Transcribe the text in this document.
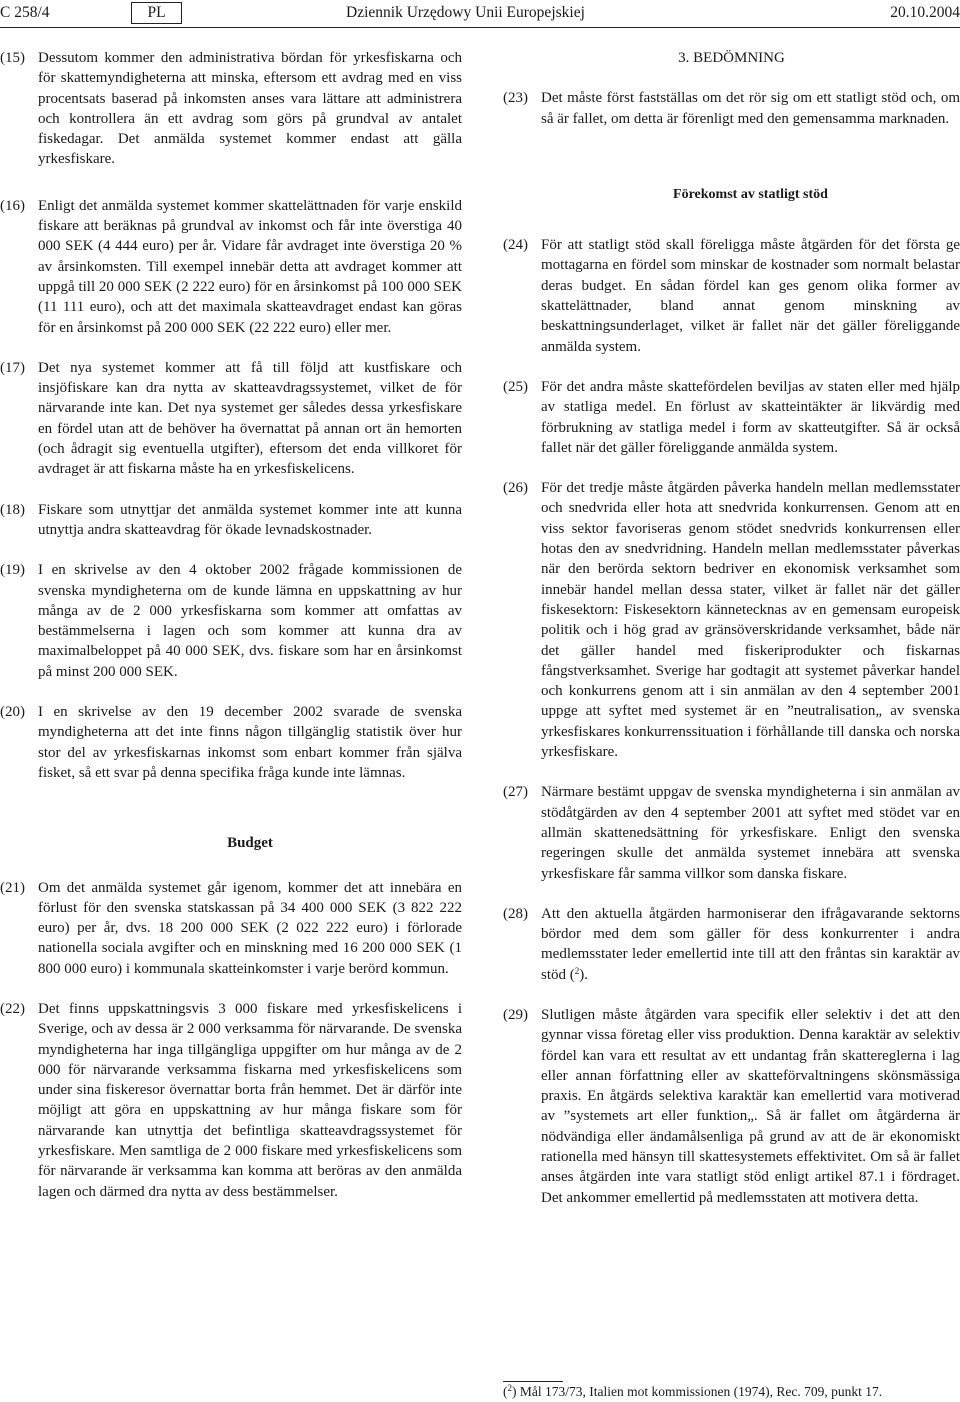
C 258/4	PL	Dziennik Urzędowy Unii Europejskiej	20.10.2004
(15) Dessutom kommer den administrativa bördan för yrkesfiskarna och för skattemyndigheterna att minska, eftersom ett avdrag med en viss procentsats baserad på inkomsten anses vara lättare att administrera och kontrollera än ett avdrag som görs på grundval av antalet fiskedagar. Det anmälda systemet kommer endast att gälla yrkesfiskare.
(16) Enligt det anmälda systemet kommer skattelättnaden för varje enskild fiskare att beräknas på grundval av inkomst och får inte överstiga 40 000 SEK (4 444 euro) per år. Vidare får avdraget inte överstiga 20 % av årsinkomsten. Till exempel innebär detta att avdraget kommer att uppgå till 20 000 SEK (2 222 euro) för en årsinkomst på 100 000 SEK (11 111 euro), och att det maximala skatteavdraget endast kan göras för en årsinkomst på 200 000 SEK (22 222 euro) eller mer.
(17) Det nya systemet kommer att få till följd att kustfiskare och insjöfiskare kan dra nytta av skatteavdragssystemet, vilket de för närvarande inte kan. Det nya systemet ger således dessa yrkesfiskare en fördel utan att de behöver ha övernattat på annan ort än hemorten (och ådragit sig eventuella utgifter), eftersom det enda villkoret för avdraget är att fiskarna måste ha en yrkesfiskelicens.
(18) Fiskare som utnyttjar det anmälda systemet kommer inte att kunna utnyttja andra skatteavdrag för ökade levnadskostnader.
(19) I en skrivelse av den 4 oktober 2002 frågade kommissionen de svenska myndigheterna om de kunde lämna en uppskattning av hur många av de 2 000 yrkesfiskarna som kommer att omfattas av bestämmelserna i lagen och som kommer att kunna dra av maximalbeloppet på 40 000 SEK, dvs. fiskare som har en årsinkomst på minst 200 000 SEK.
(20) I en skrivelse av den 19 december 2002 svarade de svenska myndigheterna att det inte finns någon tillgänglig statistik över hur stor del av yrkesfiskarnas inkomst som enbart kommer från själva fisket, så ett svar på denna specifika fråga kunde inte lämnas.
Budget
(21) Om det anmälda systemet går igenom, kommer det att innebära en förlust för den svenska statskassan på 34 400 000 SEK (3 822 222 euro) per år, dvs. 18 200 000 SEK (2 022 222 euro) i förlorade nationella sociala avgifter och en minskning med 16 200 000 SEK (1 800 000 euro) i kommunala skatteinkomster i varje berörd kommun.
(22) Det finns uppskattningsvis 3 000 fiskare med yrkesfiskelicens i Sverige, och av dessa är 2 000 verksamma för närvarande. De svenska myndigheterna har inga tillgängliga uppgifter om hur många av de 2 000 för närvarande verksamma fiskarna med yrkesfiskelicens som under sina fiskeresor övernattar borta från hemmet. Det är därför inte möjligt att göra en uppskattning av hur många fiskare som för närvarande kan utnyttja det befintliga skatteavdragssystemet för yrkesfiskare. Men samtliga de 2 000 fiskare med yrkesfiskelicens som för närvarande är verksamma kan komma att beröras av den anmälda lagen och därmed dra nytta av dess bestämmelser.
3. BEDÖMNING
(23) Det måste först fastställas om det rör sig om ett statligt stöd och, om så är fallet, om detta är förenligt med den gemensamma marknaden.
Förekomst av statligt stöd
(24) För att statligt stöd skall föreligga måste åtgärden för det första ge mottagarna en fördel som minskar de kostnader som normalt belastar deras budget. En sådan fördel kan ges genom olika former av skattelättnader, bland annat genom minskning av beskattningsunderlaget, vilket är fallet när det gäller föreliggande anmälda system.
(25) För det andra måste skattefördelen beviljas av staten eller med hjälp av statliga medel. En förlust av skatteintäkter är likvärdig med förbrukning av statliga medel i form av skatteutgifter. Så är också fallet när det gäller föreliggande anmälda system.
(26) För det tredje måste åtgärden påverka handeln mellan medlemsstater och snedvrida eller hota att snedvrida konkurrensen. Genom att en viss sektor favoriseras genom stödet snedvrids konkurrensen eller hotas den av snedvridning. Handeln mellan medlemsstater påverkas när den berörda sektorn bedriver en ekonomisk verksamhet som innebär handel mellan dessa stater, vilket är fallet när det gäller fiskesektorn: Fiskesektorn kännetecknas av en gemensam europeisk politik och i hög grad av gränsöverskridande verksamhet, både när det gäller handel med fiskeriprodukter och fiskarnas fångstverksamhet. Sverige har godtagit att systemet påverkar handel och konkurrens genom att i sin anmälan av den 4 september 2001 uppge att syftet med systemet är en ”neutralisation„ av svenska yrkesfiskares konkurrenssituation i förhållande till danska och norska yrkesfiskare.
(27) Närmare bestämt uppgav de svenska myndigheterna i sin anmälan av stödåtgärden av den 4 september 2001 att syftet med stödet var en allmän skattenedsättning för yrkesfiskare. Enligt den svenska regeringen skulle det anmälda systemet innebära att svenska yrkesfiskare får samma villkor som danska fiskare.
(28) Att den aktuella åtgärden harmoniserar den ifrågavarande sektorns bördor med dem som gäller för dess konkurrenter i andra medlemsstater leder emellertid inte till att den fråntas sin karaktär av stöd ($^2$).
(29) Slutligen måste åtgärden vara specifik eller selektiv i det att den gynnar vissa företag eller viss produktion. Denna karaktär av selektiv fördel kan vara ett resultat av ett undantag från skattereglerna i lag eller annan författning eller av skatteförvaltningens skönsmässiga praxis. En åtgärds selektiva karaktär kan emellertid vara motiverad av ”systemets art eller funktion„. Så är fallet om åtgärderna är nödvändiga eller ändamålsenliga på grund av att de är ekonomiskt rationella med hänsyn till skattesystemets effektivitet. Om så är fallet anses åtgärden inte vara statligt stöd enligt artikel 87.1 i fördraget. Det ankommer emellertid på medlemsstaten att motivera detta.
($^2$) Mål 173/73, Italien mot kommissionen (1974), Rec. 709, punkt 17.
